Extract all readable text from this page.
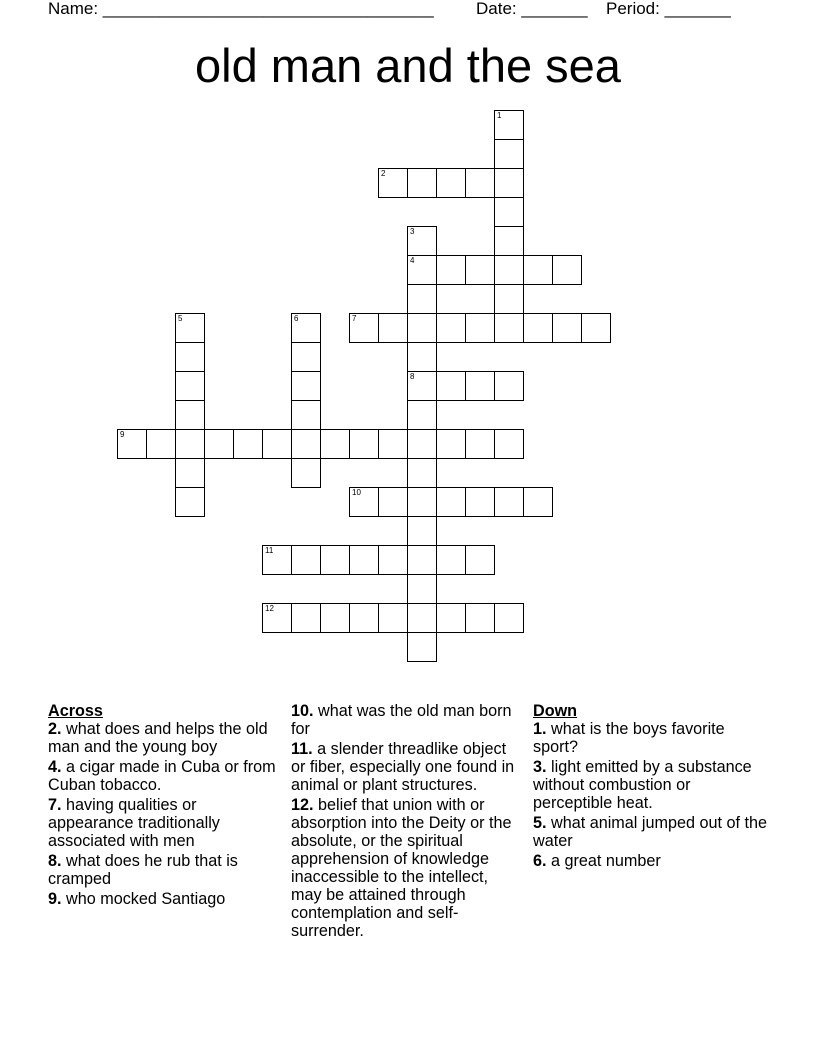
Name: ___________________________________ Date: _______ Period: _______
old man and the sea
1
2
3
4
8
5	6	7
9
10
11
12
Across
2. what does and helps the old man and the young boy
4. a cigar made in Cuba or from Cuban tobacco.
7. having qualities or appearance traditionally associated with men
8. what does he rub that is cramped
9. who mocked Santiago
10. what was the old man born for
11. a slender threadlike object or fiber, especially one found in animal or plant structures.
12. belief that union with or absorption into the Deity or the absolute, or the spiritual apprehension of knowledge inaccessible to the intellect, may be attained through contemplation and self-surrender.
Down
1. what is the boys favorite sport?
3. light emitted by a substance without combustion or perceptible heat.
5. what animal jumped out of the water
6. a great number
